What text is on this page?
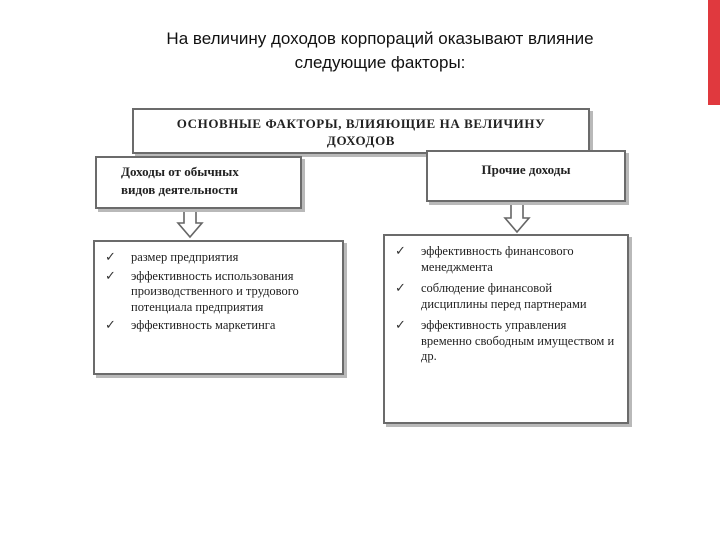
На величину доходов корпораций оказывают влияние
следующие факторы:
ОСНОВНЫЕ ФАКТОРЫ, ВЛИЯЮЩИЕ НА ВЕЛИЧИНУ
ДОХОДОВ
Доходы от обычных
видов деятельности
Прочие доходы
✓ размер предприятия
✓ эффективность использования производственного и трудового потенциала предприятия
✓ эффективность маркетинга
✓ эффективность финансового менеджмента
✓ соблюдение финансовой дисциплины перед партнерами
✓ эффективность управления временно свободным имуществом и др.
